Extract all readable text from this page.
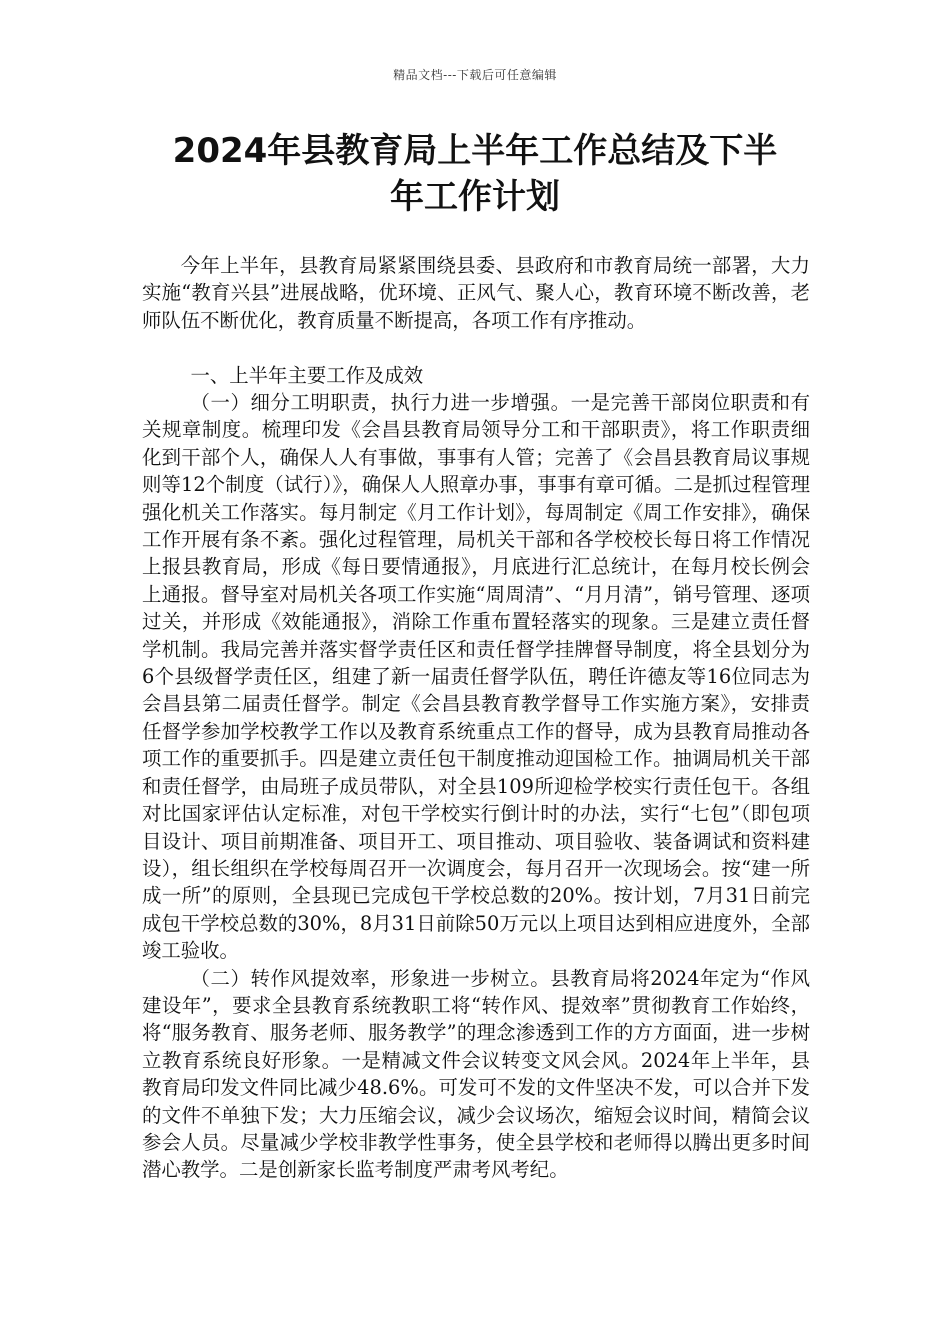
精品文档---下载后可任意编辑
2024年县教育局上半年工作总结及下半
年工作计划

今年上半年，县教育局紧紧围绕县委、县政府和市教育局统一部署，大力实施“教育兴县”进展战略，优环境、正风气、聚人心，教育环境不断改善，老师队伍不断优化，教育质量不断提高，各项工作有序推动。

一、上半年主要工作及成效

（一）细分工明职责，执行力进一步增强。一是完善干部岗位职责和有关规章制度。梳理印发《会昌县教育局领导分工和干部职责》，将工作职责细化到干部个人，确保人人有事做，事事有人管；完善了《会昌县教育局议事规则等12个制度（试行）》，确保人人照章办事，事事有章可循。二是抓过程管理强化机关工作落实。每月制定《月工作计划》，每周制定《周工作安排》，确保工作开展有条不紊。强化过程管理，局机关干部和各学校校长每日将工作情况上报县教育局，形成《每日要情通报》，月底进行汇总统计，在每月校长例会上通报。督导室对局机关各项工作实施“周周清”、“月月清”，销号管理、逐项过关，并形成《效能通报》，消除工作重布置轻落实的现象。三是建立责任督学机制。我局完善并落实督学责任区和责任督学挂牌督导制度，将全县划分为6个县级督学责任区，组建了新一届责任督学队伍，聘任许德友等16位同志为会昌县第二届责任督学。制定《会昌县教育教学督导工作实施方案》，安排责任督学参加学校教学工作以及教育系统重点工作的督导，成为县教育局推动各项工作的重要抓手。四是建立责任包干制度推动迎国检工作。抽调局机关干部和责任督学，由局班子成员带队，对全县109所迎检学校实行责任包干。各组对比国家评估认定标准，对包干学校实行倒计时的办法，实行“七包”（即包项目设计、项目前期准备、项目开工、项目推动、项目验收、装备调试和资料建设），组长组织在学校每周召开一次调度会，每月召开一次现场会。按“建一所成一所”的原则，全县现已完成包干学校总数的20%。按计划，7月31日前完成包干学校总数的30%，8月31日前除50万元以上项目达到相应进度外，全部竣工验收。

（二）转作风提效率，形象进一步树立。县教育局将2024年定为“作风建设年”，要求全县教育系统教职工将“转作风、提效率”贯彻教育工作始终，将“服务教育、服务老师、服务教学”的理念渗透到工作的方方面面，进一步树立教育系统良好形象。一是精减文件会议转变文风会风。2024年上半年，县教育局印发文件同比减少48.6%。可发可不发的文件坚决不发，可以合并下发的文件不单独下发；大力压缩会议，减少会议场次，缩短会议时间，精简会议参会人员。尽量减少学校非教学性事务，使全县学校和老师得以腾出更多时间潜心教学。二是创新家长监考制度严肃考风考纪。
